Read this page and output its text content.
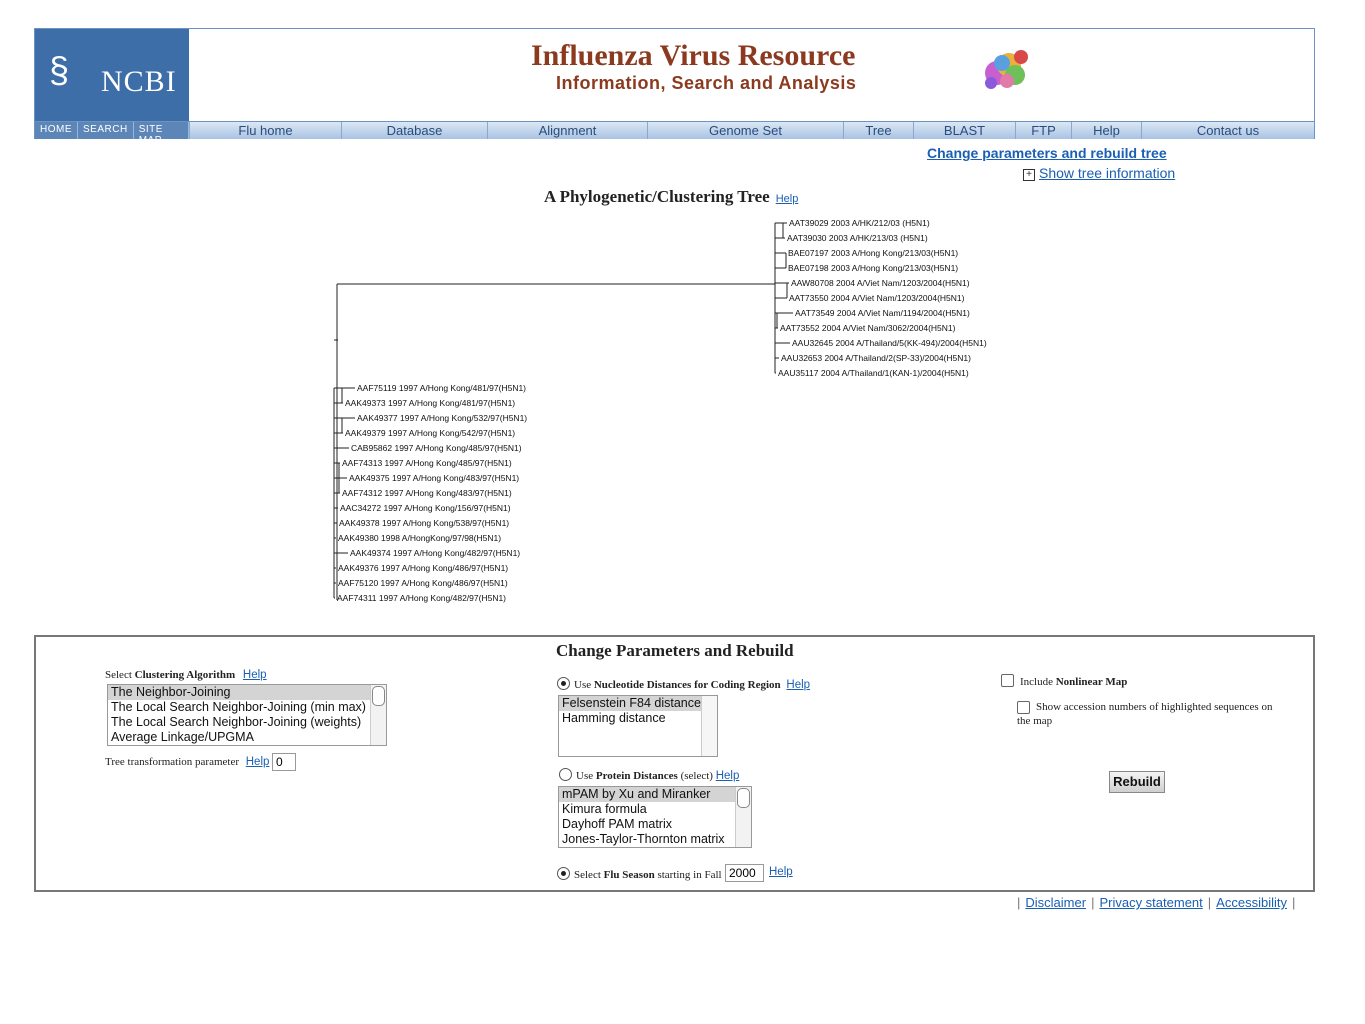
§ NCBI
Influenza Virus Resource
Information, Search and Analysis
HOME	SEARCH	SITE MAP
Flu home	Database	Alignment	Genome Set	Tree	BLAST	FTP	Help	Contact us
Change parameters and rebuild tree
+ Show tree information
A Phylogenetic/Clustering Tree Help
AAT39029 2003 A/HK/212/03 (H5N1)
AAT39030 2003 A/HK/213/03 (H5N1)
BAE07197 2003 A/Hong Kong/213/03(H5N1)
BAE07198 2003 A/Hong Kong/213/03(H5N1)
AAW80708 2004 A/Viet Nam/1203/2004(H5N1)
AAT73550 2004 A/Viet Nam/1203/2004(H5N1)
AAT73549 2004 A/Viet Nam/1194/2004(H5N1)
AAT73552 2004 A/Viet Nam/3062/2004(H5N1)
AAU32645 2004 A/Thailand/5(KK-494)/2004(H5N1)
AAU32653 2004 A/Thailand/2(SP-33)/2004(H5N1)
AAU35117 2004 A/Thailand/1(KAN-1)/2004(H5N1)
AAF75119 1997 A/Hong Kong/481/97(H5N1)
AAK49373 1997 A/Hong Kong/481/97(H5N1)
AAK49377 1997 A/Hong Kong/532/97(H5N1)
AAK49379 1997 A/Hong Kong/542/97(H5N1)
CAB95862 1997 A/Hong Kong/485/97(H5N1)
AAF74313 1997 A/Hong Kong/485/97(H5N1)
AAK49375 1997 A/Hong Kong/483/97(H5N1)
AAF74312 1997 A/Hong Kong/483/97(H5N1)
AAC34272 1997 A/Hong Kong/156/97(H5N1)
AAK49378 1997 A/Hong Kong/538/97(H5N1)
AAK49380 1998 A/HongKong/97/98(H5N1)
AAK49374 1997 A/Hong Kong/482/97(H5N1)
AAK49376 1997 A/Hong Kong/486/97(H5N1)
AAF75120 1997 A/Hong Kong/486/97(H5N1)
AAF74311 1997 A/Hong Kong/482/97(H5N1)
Change Parameters and Rebuild
Select Clustering Algorithm Help
The Neighbor-Joining
The Local Search Neighbor-Joining (min max)
The Local Search Neighbor-Joining (weights)
Average Linkage/UPGMA
Tree transformation parameter Help 0
Use Nucleotide Distances for Coding Region Help
Felsenstein F84 distance
Hamming distance
Use Protein Distances (select) Help
mPAM by Xu and Miranker
Kimura formula
Dayhoff PAM matrix
Jones-Taylor-Thornton matrix
Select Flu Season starting in Fall 2000	Help
Include Nonlinear Map
Show accession numbers of highlighted sequences on the map
Rebuild
| Disclaimer | Privacy statement | Accessibility |
